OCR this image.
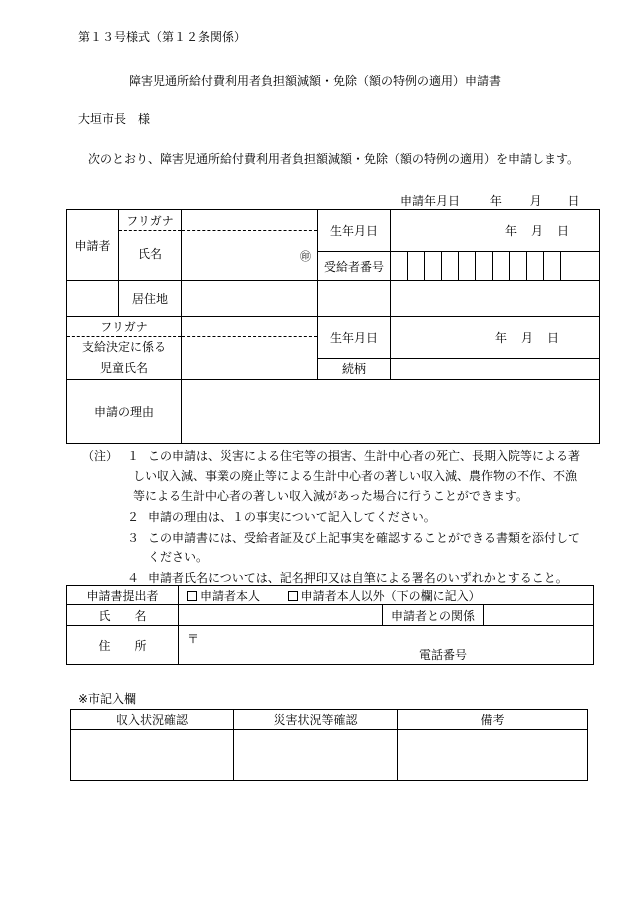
第１３号様式（第１２条関係）
障害児通所給付費利用者負担額減額・免除（額の特例の適用）申請書
大垣市長　様
次のとおり、障害児通所給付費利用者負担額減額・免除（額の特例の適用）を申請します。
申請年月日 年 月 日
申請者	フリガナ		生年月日	年 月 日
	氏名	㊞		
			受給者番号	

	居住地			
フリガナ			生年月日	年 月 日

支給決定に係る
児童氏名				

			続柄	
申請の理由				
（注） １ この申請は、災害による住宅等の損害、生計中心者の死亡、長期入院等による著
しい収入減、事業の廃止等による生計中心者の著しい収入減、農作物の不作、不漁
等による生計中心者の著しい収入減があった場合に行うことができます。
２ 申請の理由は、１の事実について記入してください。
３ この申請書には、受給者証及び上記事実を確認することができる書類を添付して
ください。
４ 申請者氏名については、記名押印又は自筆による署名のいずれかとすること。
申請書提出者	申請者本人 申請者本人以外（下の欄に記入）		
氏　　名		申請者との関係	
住　　所	〒
電話番号		
※市記入欄
収入状況確認	災害状況等確認	備考
